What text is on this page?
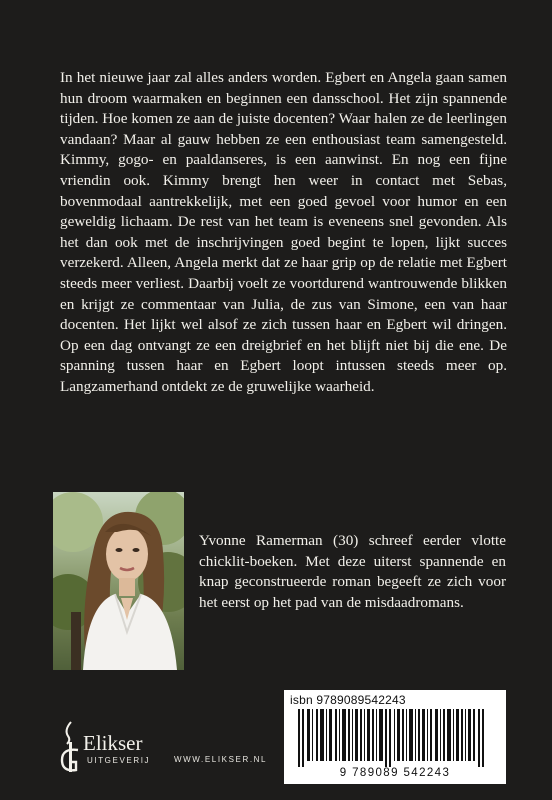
In het nieuwe jaar zal alles anders worden. Egbert en Angela gaan samen hun droom waarmaken en beginnen een dansschool. Het zijn spannende tijden. Hoe komen ze aan de juiste docenten? Waar halen ze de leerlingen vandaan? Maar al gauw hebben ze een enthousiast team samengesteld. Kimmy, gogo- en paaldanseres, is een aanwinst. En nog een fijne vriendin ook. Kimmy brengt hen weer in contact met Sebas, bovenmodaal aantrekkelijk, met een goed gevoel voor humor en een geweldig lichaam. De rest van het team is eveneens snel gevonden. Als het dan ook met de inschrijvingen goed begint te lopen, lijkt succes verzekerd. Alleen, Angela merkt dat ze haar grip op de relatie met Egbert steeds meer verliest. Daarbij voelt ze voortdurend wantrouwende blikken en krijgt ze commentaar van Julia, de zus van Simone, een van haar docenten. Het lijkt wel alsof ze zich tussen haar en Egbert wil dringen. Op een dag ontvangt ze een dreigbrief en het blijft niet bij die ene. De spanning tussen haar en Egbert loopt intussen steeds meer op. Langzamerhand ontdekt ze de gruwelijke waarheid.

Yvonne Ramerman (30) schreef eerder vlotte chicklit-boeken. Met deze uiterst spannende en knap geconstrueerde roman begeeft ze zich voor het eerst op het pad van de misdaadromans.

isbn 9789089542243
9 789089 542243
Elikser
UITGEVERIJ	WWW.ELIKSER.NL
